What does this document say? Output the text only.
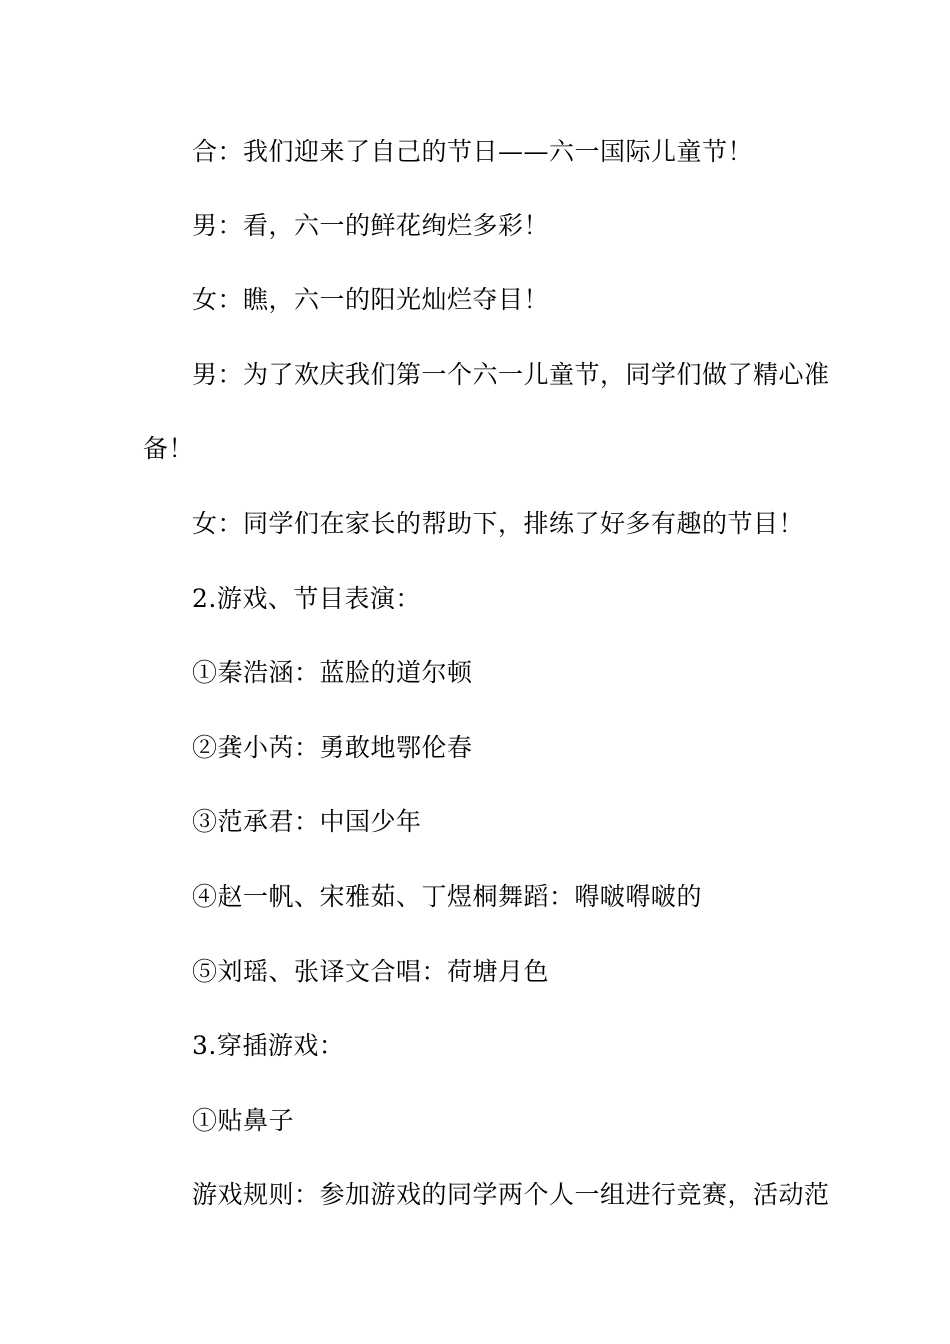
合：我们迎来了自己的节日——六一国际儿童节！
男：看，六一的鲜花绚烂多彩！
女：瞧，六一的阳光灿烂夺目！
男：为了欢庆我们第一个六一儿童节，同学们做了精心准
备！
女：同学们在家长的帮助下，排练了好多有趣的节目！
2.游戏、节目表演：
①秦浩涵：蓝脸的道尔顿
②龚小芮：勇敢地鄂伦春
③范承君：中国少年
④赵一帆、宋雅茹、丁煜桐舞蹈：嘚啵嘚啵的
⑤刘瑶、张译文合唱：荷塘月色
3.穿插游戏：
①贴鼻子
游戏规则：参加游戏的同学两个人一组进行竞赛，活动范
